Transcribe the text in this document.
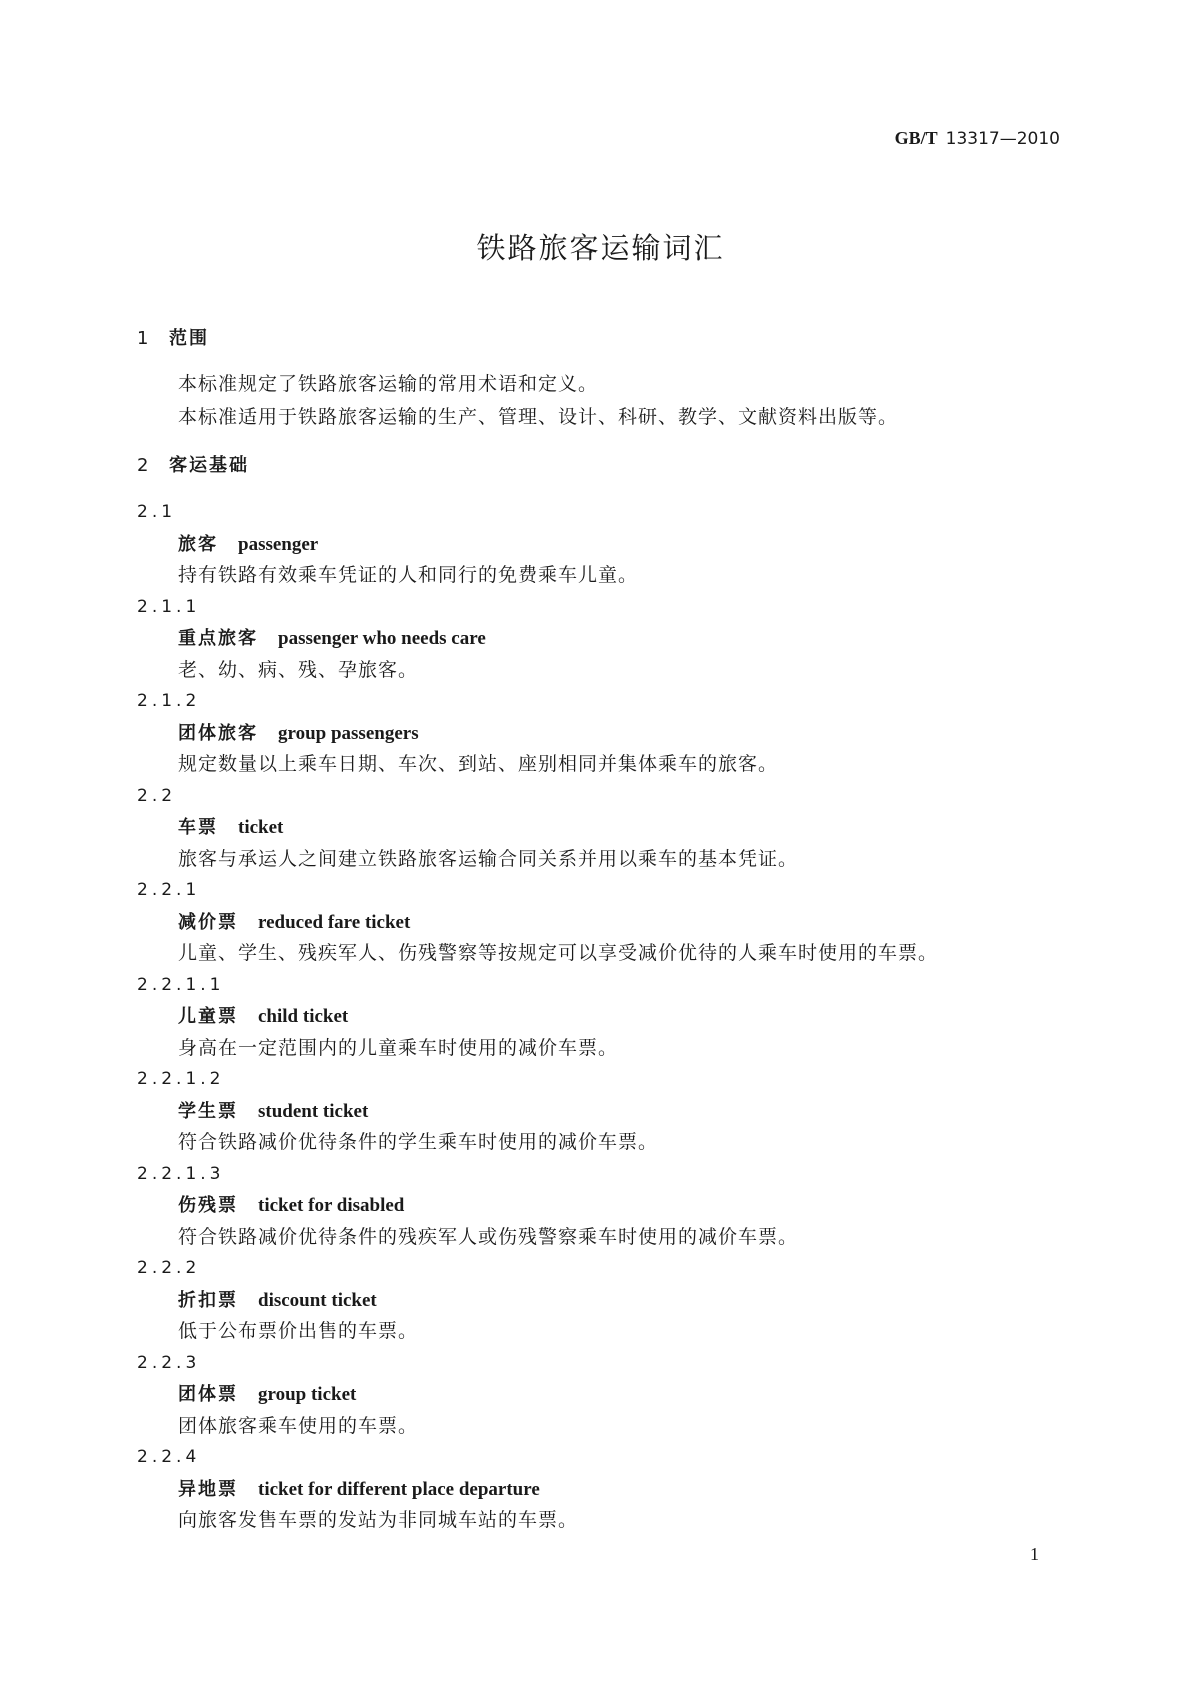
GB/T 13317—2010
铁路旅客运输词汇
1 范围
本标准规定了铁路旅客运输的常用术语和定义。
本标准适用于铁路旅客运输的生产、管理、设计、科研、教学、文献资料出版等。
2 客运基础
2.1
旅客 passenger
持有铁路有效乘车凭证的人和同行的免费乘车儿童。
2.1.1
重点旅客 passenger who needs care
老、幼、病、残、孕旅客。
2.1.2
团体旅客 group passengers
规定数量以上乘车日期、车次、到站、座别相同并集体乘车的旅客。
2.2
车票 ticket
旅客与承运人之间建立铁路旅客运输合同关系并用以乘车的基本凭证。
2.2.1
减价票 reduced fare ticket
儿童、学生、残疾军人、伤残警察等按规定可以享受减价优待的人乘车时使用的车票。
2.2.1.1
儿童票 child ticket
身高在一定范围内的儿童乘车时使用的减价车票。
2.2.1.2
学生票 student ticket
符合铁路减价优待条件的学生乘车时使用的减价车票。
2.2.1.3
伤残票 ticket for disabled
符合铁路减价优待条件的残疾军人或伤残警察乘车时使用的减价车票。
2.2.2
折扣票 discount ticket
低于公布票价出售的车票。
2.2.3
团体票 group ticket
团体旅客乘车使用的车票。
2.2.4
异地票 ticket for different place departure
向旅客发售车票的发站为非同城车站的车票。
1
